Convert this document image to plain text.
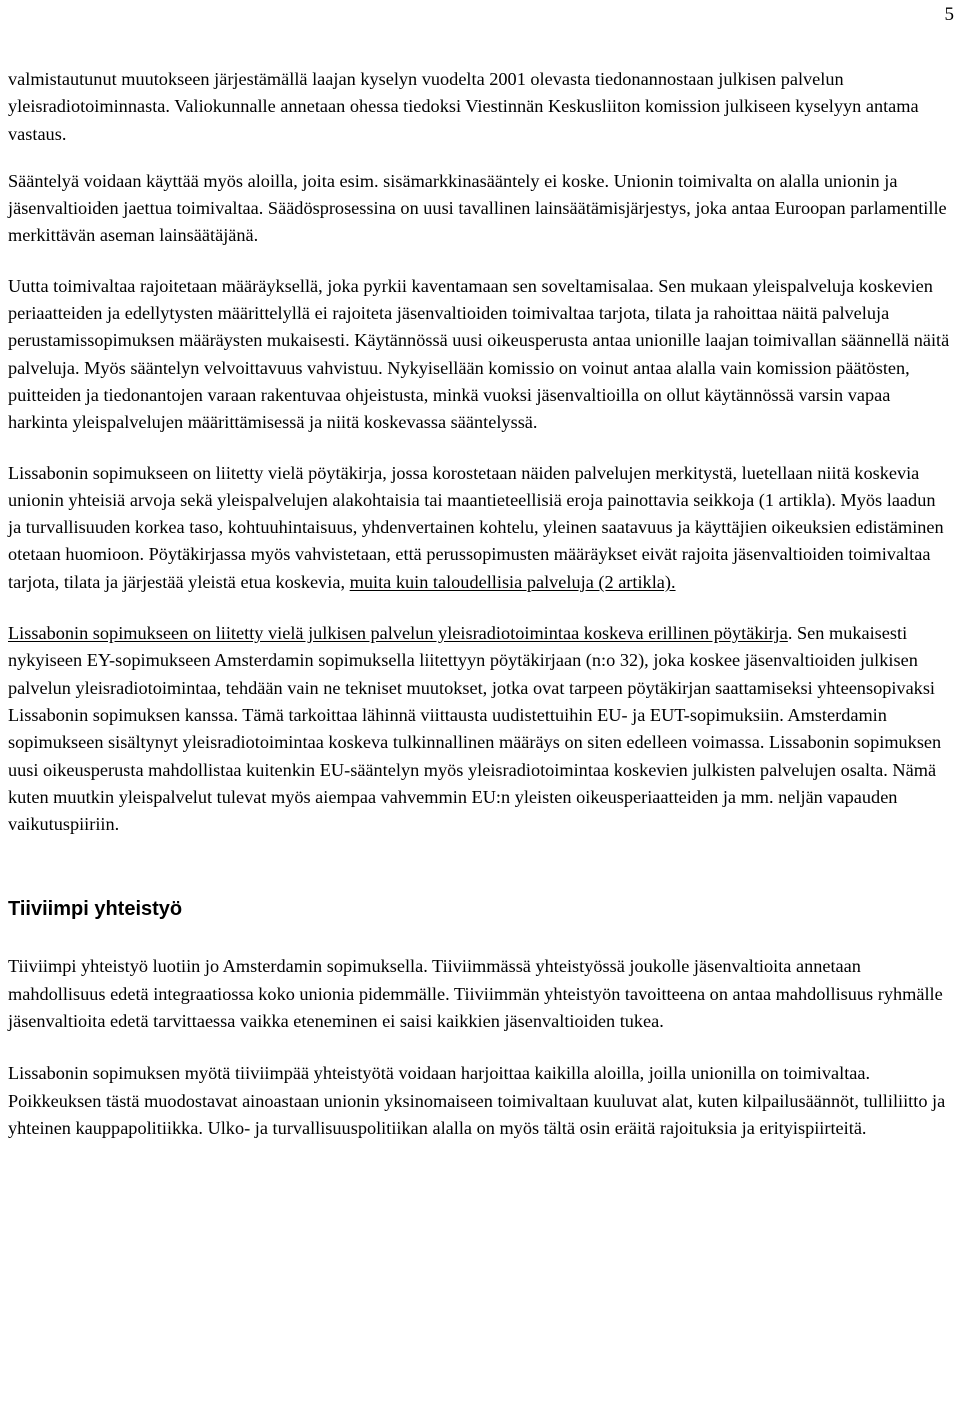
5

valmistautunut muutokseen järjestämällä laajan kyselyn vuodelta 2001 olevasta tiedonannostaan julkisen palvelun yleisradiotoiminnasta. Valiokunnalle annetaan ohessa tiedoksi Viestinnän Keskusliiton komission julkiseen kyselyyn antama vastaus.

Sääntelyä voidaan käyttää myös aloilla, joita esim. sisämarkkinasääntely ei koske. Unionin toimivalta on alalla unionin ja jäsenvaltioiden jaettua toimivaltaa. Säädösprosessina on uusi tavallinen lainsäätämisjärjestys, joka antaa Euroopan parlamentille merkittävän aseman lainsäätäjänä.

Uutta toimivaltaa rajoitetaan määräyksellä, joka pyrkii kaventamaan sen soveltamisalaa. Sen mukaan yleispalveluja koskevien periaatteiden ja edellytysten määrittelyllä ei rajoiteta jäsenvaltioiden toimivaltaa tarjota, tilata ja rahoittaa näitä palveluja perustamissopimuksen määräysten mukaisesti. Käytännössä uusi oikeusperusta antaa unionille laajan toimivallan säännellä näitä palveluja. Myös sääntelyn velvoittavuus vahvistuu. Nykyisellään komissio on voinut antaa alalla vain komission päätösten, puitteiden ja tiedonantojen varaan rakentuvaa ohjeistusta, minkä vuoksi jäsenvaltioilla on ollut käytännössä varsin vapaa harkinta yleispalvelujen määrittämisessä ja niitä koskevassa sääntelyssä.

Lissabonin sopimukseen on liitetty vielä pöytäkirja, jossa korostetaan näiden palvelujen merkitystä, luetellaan niitä koskevia unionin yhteisiä arvoja sekä yleispalvelujen alakohtaisia tai maantieteellisiä eroja painottavia seikkoja (1 artikla). Myös laadun ja turvallisuuden korkea taso, kohtuuhintaisuus, yhdenvertainen kohtelu, yleinen saatavuus ja käyttäjien oikeuksien edistäminen otetaan huomioon. Pöytäkirjassa myös vahvistetaan, että perussopimusten määräykset eivät rajoita jäsenvaltioiden toimivaltaa tarjota, tilata ja järjestää yleistä etua koskevia, muita kuin taloudellisia palveluja (2 artikla).

Lissabonin sopimukseen on liitetty vielä julkisen palvelun yleisradiotoimintaa koskeva erillinen pöytäkirja. Sen mukaisesti nykyiseen EY-sopimukseen Amsterdamin sopimuksella liitettyyn pöytäkirjaan (n:o 32), joka koskee jäsenvaltioiden julkisen palvelun yleisradiotoimintaa, tehdään vain ne tekniset muutokset, jotka ovat tarpeen pöytäkirjan saattamiseksi yhteensopivaksi Lissabonin sopimuksen kanssa. Tämä tarkoittaa lähinnä viittausta uudistettuihin EU- ja EUT-sopimuksiin. Amsterdamin sopimukseen sisältynyt yleisradiotoimintaa koskeva tulkinnallinen määräys on siten edelleen voimassa. Lissabonin sopimuksen uusi oikeusperusta mahdollistaa kuitenkin EU-sääntelyn myös yleisradiotoimintaa koskevien julkisten palvelujen osalta. Nämä kuten muutkin yleispalvelut tulevat myös aiempaa vahvemmin EU:n yleisten oikeusperiaatteiden ja mm. neljän vapauden vaikutuspiiriin.

Tiiviimpi yhteistyö

Tiiviimpi yhteistyö luotiin jo Amsterdamin sopimuksella. Tiiviimmässä yhteistyössä joukolle jäsenvaltioita annetaan mahdollisuus edetä integraatiossa koko unionia pidemmälle. Tiiviimmän yhteistyön tavoitteena on antaa mahdollisuus ryhmälle jäsenvaltioita edetä tarvittaessa vaikka eteneminen ei saisi kaikkien jäsenvaltioiden tukea.

Lissabonin sopimuksen myötä tiiviimpää yhteistyötä voidaan harjoittaa kaikilla aloilla, joilla unionilla on toimivaltaa. Poikkeuksen tästä muodostavat ainoastaan unionin yksinomaiseen toimivaltaan kuuluvat alat, kuten kilpailusäännöt, tulliliitto ja yhteinen kauppapolitiikka. Ulko- ja turvallisuuspolitiikan alalla on myös tältä osin eräitä rajoituksia ja erityispiirteitä.
